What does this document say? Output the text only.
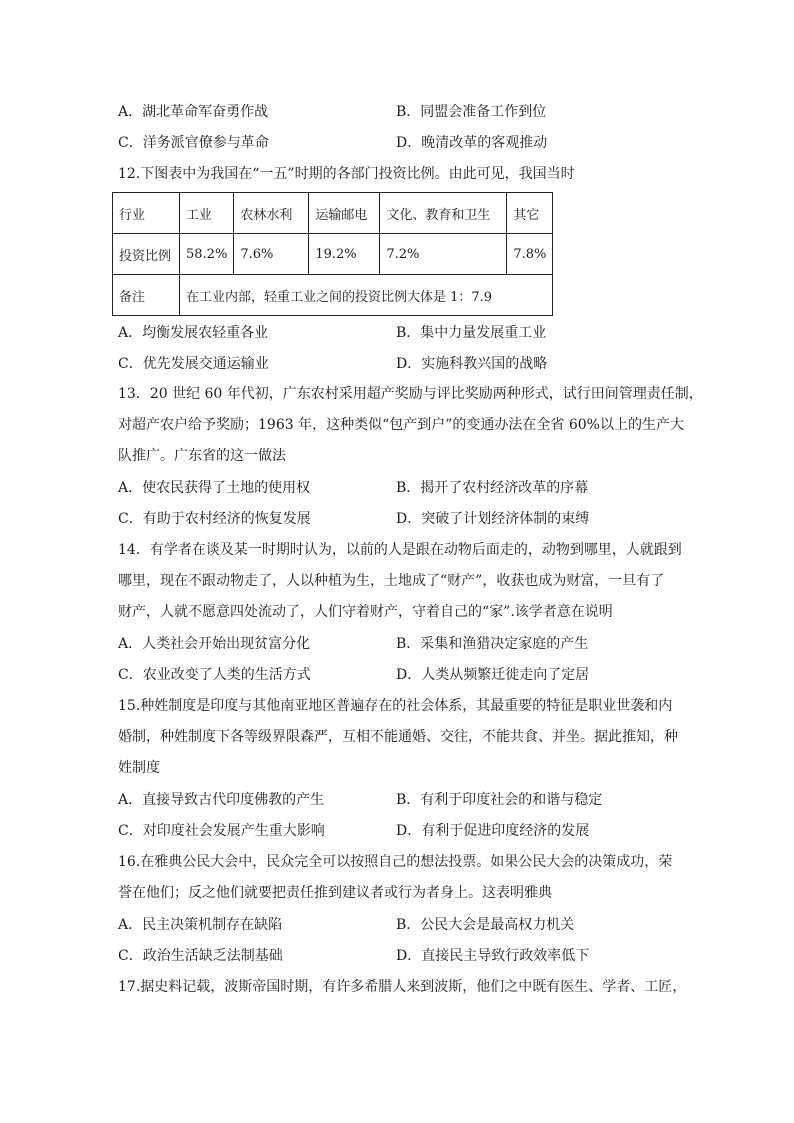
A．湖北革命军奋勇作战	B．同盟会准备工作到位
C．洋务派官僚参与革命	D．晚清改革的客观推动
12.下图表中为我国在“一五”时期的各部门投资比例。由此可见，我国当时
行业	工业	农林水利	运输邮电	文化、教育和卫生	其它
投资比例	58.2%	7.6%	19.2%	7.2%	7.8%
备注	在工业内部，轻重工业之间的投资比例大体是 1：7.9				
A．均衡发展农轻重各业	B．集中力量发展重工业
C．优先发展交通运输业	D．实施科教兴国的战略
13．20 世纪 60 年代初，广东农村采用超产奖励与评比奖励两种形式，试行田间管理责任制，
对超产农户给予奖励；1963 年，这种类似“包产到户”的变通办法在全省 60%以上的生产大
队推广。广东省的这一做法
A．使农民获得了土地的使用权	B．揭开了农村经济改革的序幕
C．有助于农村经济的恢复发展	D．突破了计划经济体制的束缚
14．有学者在谈及某一时期时认为，以前的人是跟在动物后面走的，动物到哪里，人就跟到
哪里，现在不跟动物走了，人以种植为生，土地成了“财产”，收获也成为财富，一旦有了
财产，人就不愿意四处流动了，人们守着财产，守着自己的“家”.该学者意在说明
A．人类社会开始出现贫富分化	B．采集和渔猎决定家庭的产生
C．农业改变了人类的生活方式	D．人类从频繁迁徙走向了定居
15.种姓制度是印度与其他南亚地区普遍存在的社会体系，其最重要的特征是职业世袭和内
婚制，种姓制度下各等级界限森严，互相不能通婚、交往，不能共食、并坐。据此推知，种
姓制度
A．直接导致古代印度佛教的产生	B．有利于印度社会的和谐与稳定
C．对印度社会发展产生重大影响	D．有利于促进印度经济的发展
16.在雅典公民大会中，民众完全可以按照自己的想法投票。如果公民大会的决策成功，荣
誉在他们；反之他们就要把责任推到建议者或行为者身上。这表明雅典
A．民主决策机制存在缺陷	B．公民大会是最高权力机关
C．政治生活缺乏法制基础	D．直接民主导致行政效率低下
17.据史料记载，波斯帝国时期，有许多希腊人来到波斯，他们之中既有医生、学者、工匠，
